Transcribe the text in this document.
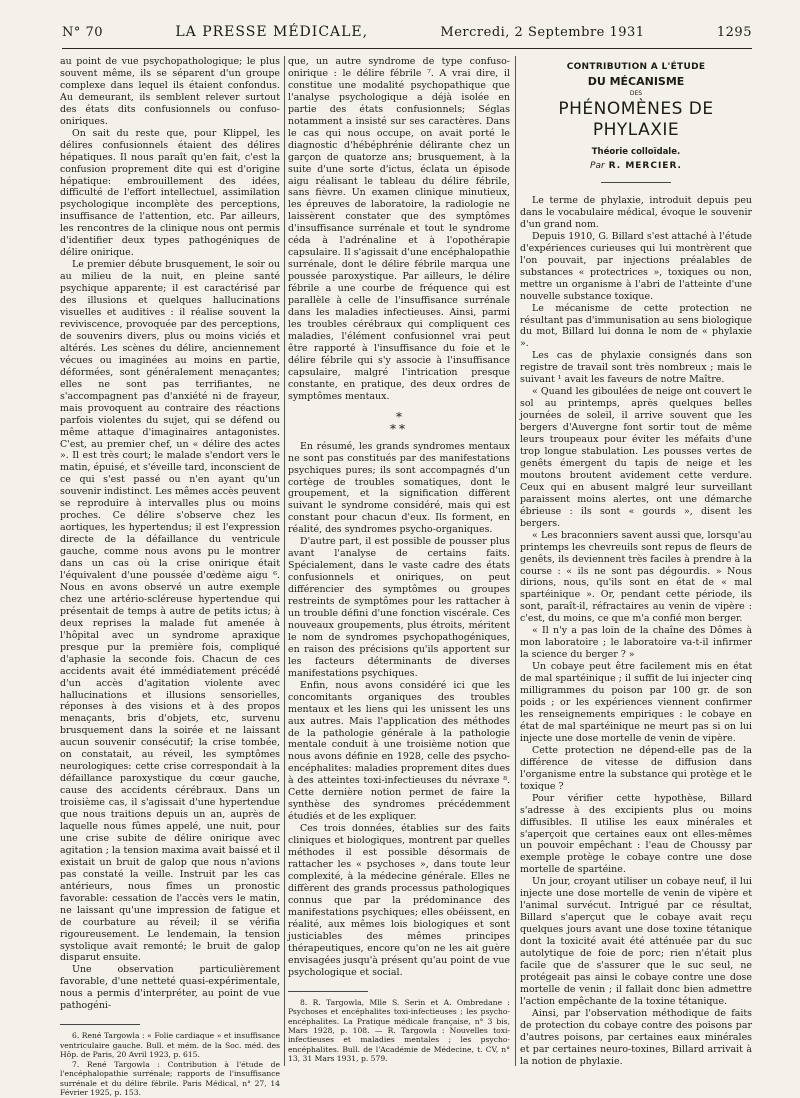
N° 70	LA PRESSE MÉDICALE,	Mercredi, 2 Septembre 1931	1295

au point de vue psychopathologique; le plus souvent même, ils se séparent d'un groupe complexe dans lequel ils étaient confondus. Au demeurant, ils semblent relever surtout des états dits confusionnels ou confuso-oniriques.

On sait du reste que, pour Klippel, les délires confusionnels étaient des délires hépatiques. Il nous paraît qu'en fait, c'est la confusion proprement dite qui est d'origine hépatique: embrouillement des idées, difficulté de l'effort intellectuel, assimilation psychologique incomplète des perceptions, insuffisance de l'attention, etc. Par ailleurs, les rencontres de la clinique nous ont permis d'identifier deux types pathogéniques de délire onirique.

Le premier débute brusquement, le soir ou au milieu de la nuit, en pleine santé psychique apparente; il est caractérisé par des illusions et quelques hallucinations visuelles et auditives : il réalise souvent la reviviscence, provoquée par des perceptions, de souvenirs divers, plus ou moins viciés et altérés. Les scènes du délire, anciennement vécues ou imaginées au moins en partie, déformées, sont généralement menaçantes; elles ne sont pas terrifiantes, ne s'accompagnent pas d'anxiété ni de frayeur, mais provoquent au contraire des réactions parfois violentes du sujet, qui se défend ou même attaque d'imaginaires antagonistes. C'est, au premier chef, un « délire des actes ». Il est très court; le malade s'endort vers le matin, épuisé, et s'éveille tard, inconscient de ce qui s'est passé ou n'en ayant qu'un souvenir indistinct. Les mêmes accès peuvent se reproduire à intervalles plus ou moins proches. Ce délire s'observe chez les aortiques, les hypertendus; il est l'expression directe de la défaillance du ventricule gauche, comme nous avons pu le montrer dans un cas où la crise onirique était l'équivalent d'une poussée d'œdème aigu ⁶. Nous en avons observé un autre exemple chez une artério-scléreuse hypertendue qui présentait de temps à autre de petits ictus; à deux reprises la malade fut amenée à l'hôpital avec un syndrome apraxique presque pur la première fois, compliqué d'aphasie la seconde fois. Chacun de ces accidents avait été immédiatement précédé d'un accès d'agitation violente avec hallucinations et illusions sensorielles, réponses à des visions et à des propos menaçants, bris d'objets, etc, survenu brusquement dans la soirée et ne laissant aucun souvenir consécutif; la crise tombée, on constatait, au réveil, les symptômes neurologiques: cette crise correspondait à la défaillance paroxystique du cœur gauche, cause des accidents cérébraux. Dans un troisième cas, il s'agissait d'une hypertendue que nous traitions depuis un an, auprès de laquelle nous fûmes appelé, une nuit, pour une crise subite de délire onirique avec agitation ; la tension maxima avait baissé et il existait un bruit de galop que nous n'avions pas constaté la veille. Instruit par les cas antérieurs, nous fîmes un pronostic favorable: cessation de l'accès vers le matin, ne laissant qu'une impression de fatigue et de courbature au réveil; il se vérifia rigoureusement. Le lendemain, la tension systolique avait remonté; le bruit de galop disparut ensuite.

Une observation particulièrement favorable, d'une netteté quasi-expérimentale, nous a permis d'interpréter, au point de vue pathogéni-

6. René Targowla : « Folie cardiaque » et insuffisance ventriculaire gauche. Bull. et mém. de la Soc. méd. des Hôp. de Paris, 20 Avril 1923, p. 615.

7. René Targowla : Contribution à l'étude de l'encéphalopathie surrénale; rapports de l'insuffisance surrénale et du délire fébrile. Paris Médical, n° 27, 14 Février 1925, p. 153.

que, un autre syndrome de type confuso-onirique : le délire fébrile ⁷. A vrai dire, il constitue une modalité psychopathique que l'analyse psychologique a déjà isolée en partie des états confusionnels; Séglas notamment a insisté sur ses caractères. Dans le cas qui nous occupe, on avait porté le diagnostic d'hébéphrénie délirante chez un garçon de quatorze ans; brusquement, à la suite d'une sorte d'ictus, éclata un épisode aigu réalisant le tableau du délire fébrile, sans fièvre. Un examen clinique minutieux, les épreuves de laboratoire, la radiologie ne laissèrent constater que des symptômes d'insuffisance surrénale et tout le syndrome céda à l'adrénaline et à l'opothérapie capsulaire. Il s'agissait d'une encéphalopathie surrénale, dont le délire fébrile marqua une poussée paroxystique. Par ailleurs, le délire fébrile a une courbe de fréquence qui est parallèle à celle de l'insuffisance surrénale dans les maladies infectieuses. Ainsi, parmi les troubles cérébraux qui compliquent ces maladies, l'élément confusionnel vrai peut être rapporté à l'insuffisance du foie et le délire fébrile qui s'y associe à l'insuffisance capsulaire, malgré l'intrication presque constante, en pratique, des deux ordres de symptômes mentaux.

*
**

En résumé, les grands syndromes mentaux ne sont pas constitués par des manifestations psychiques pures; ils sont accompagnés d'un cortège de troubles somatiques, dont le groupement, et la signification diffèrent suivant le syndrome considéré, mais qui est constant pour chacun d'eux. Ils forment, en réalité, des syndromes psycho-organiques.

D'autre part, il est possible de pousser plus avant l'analyse de certains faits. Spécialement, dans le vaste cadre des états confusionnels et oniriques, on peut différencier des symptômes ou groupes restreints de symptômes pour les rattacher à un trouble défini d'une fonction viscérale. Ces nouveaux groupements, plus étroits, méritent le nom de syndromes psychopathogéniques, en raison des précisions qu'ils apportent sur les facteurs déterminants de diverses manifestations psychiques.

Enfin, nous avons considéré ici que les concomitants organiques des troubles mentaux et les liens qui les unissent les uns aux autres. Mais l'application des méthodes de la pathologie générale à la pathologie mentale conduit à une troisième notion que nous avons définie en 1928, celle des psycho-encéphalites: maladies proprement dites dues à des atteintes toxi-infectieuses du névraxe ⁸. Cette dernière notion permet de faire la synthèse des syndromes précédemment étudiés et de les expliquer.

Ces trois données, établies sur des faits cliniques et biologiques, montrent par quelles méthodes il est possible désormais de rattacher les « psychoses », dans toute leur complexité, à la médecine générale. Elles ne diffèrent des grands processus pathologiques connus que par la prédominance des manifestations psychiques; elles obéissent, en réalité, aux mêmes lois biologiques et sont justiciables des mêmes principes thérapeutiques, encore qu'on ne les ait guère envisagées jusqu'à présent qu'au point de vue psychologique et social.

8. R. Targowla, Mlle S. Serin et A. Ombredane : Psychoses et encéphalites toxi-infectieuses ; les psycho-encéphalites. La Pratique médicale française, n° 3 bis, Mars 1928, p. 108. — R. Targowla : Nouvelles toxi-infectieuses et maladies mentales ; les psycho-encéphalites. Bull. de l'Académie de Médecine, t. CV, n° 13, 31 Mars 1931, p. 579.

CONTRIBUTION A L'ÉTUDE
DU MÉCANISME
DES
PHÉNOMÈNES DE PHYLAXIE
Théorie colloïdale.
Par R. MERCIER.

Le terme de phylaxie, introduit depuis peu dans le vocabulaire médical, évoque le souvenir d'un grand nom.

Depuis 1910, G. Billard s'est attaché à l'étude d'expériences curieuses qui lui montrèrent que l'on pouvait, par injections préalables de substances « protectrices », toxiques ou non, mettre un organisme à l'abri de l'atteinte d'une nouvelle substance toxique.

Le mécanisme de cette protection ne résultant pas d'immunisation au sens biologique du mot, Billard lui donna le nom de « phylaxie ».

Les cas de phylaxie consignés dans son registre de travail sont très nombreux ; mais le suivant ¹ avait les faveurs de notre Maître.

« Quand les giboulées de neige ont couvert le sol au printemps, après quelques belles journées de soleil, il arrive souvent que les bergers d'Auvergne font sortir tout de même leurs troupeaux pour éviter les méfaits d'une trop longue stabulation. Les pousses vertes de genêts émergent du tapis de neige et les moutons broutent avidement cette verdure. Ceux qui en abusent malgré leur surveillant paraissent moins alertes, ont une démarche ébrieuse : ils sont « gourds », disent les bergers.

« Les braconniers savent aussi que, lorsqu'au printemps les chevreuils sont repus de fleurs de genêts, ils deviennent très faciles à prendre à la course : « ils ne sont pas dégourdis. » Nous dirions, nous, qu'ils sont en état de « mal spartéinique ». Or, pendant cette période, ils sont, paraît-il, réfractaires au venin de vipère : c'est, du moins, ce que m'a confié mon berger.

« Il n'y a pas loin de la chaîne des Dômes à mon laboratoire ; le laboratoire va-t-il infirmer la science du berger ? »

Un cobaye peut être facilement mis en état de mal spartéinique ; il suffit de lui injecter cinq milligrammes du poison par 100 gr. de son poids ; or les expériences viennent confirmer les renseignements empiriques : le cobaye en état de mal spartéinique ne meurt pas si on lui injecte une dose mortelle de venin de vipère.

Cette protection ne dépend-elle pas de la différence de vitesse de diffusion dans l'organisme entre la substance qui protège et le toxique ?

Pour vérifier cette hypothèse, Billard s'adresse à des excipients plus ou moins diffusibles. Il utilise les eaux minérales et s'aperçoit que certaines eaux ont elles-mêmes un pouvoir empêchant : l'eau de Choussy par exemple protège le cobaye contre une dose mortelle de spartéine.

Un jour, croyant utiliser un cobaye neuf, il lui injecte une dose mortelle de venin de vipère et l'animal survécut. Intrigué par ce résultat, Billard s'aperçut que le cobaye avait reçu quelques jours avant une dose toxine tétanique dont la toxicité avait été atténuée par du suc autolytique de foie de porc; rien n'était plus facile que de s'assurer que le suc seul, ne protégeait pas ainsi le cobaye contre une dose mortelle de venin ; il fallait donc bien admettre l'action empêchante de la toxine tétanique.

Ainsi, par l'observation méthodique de faits de protection du cobaye contre des poisons par d'autres poisons, par certaines eaux minérales et par certaines neuro-toxines, Billard arrivait à la notion de phylaxie.
